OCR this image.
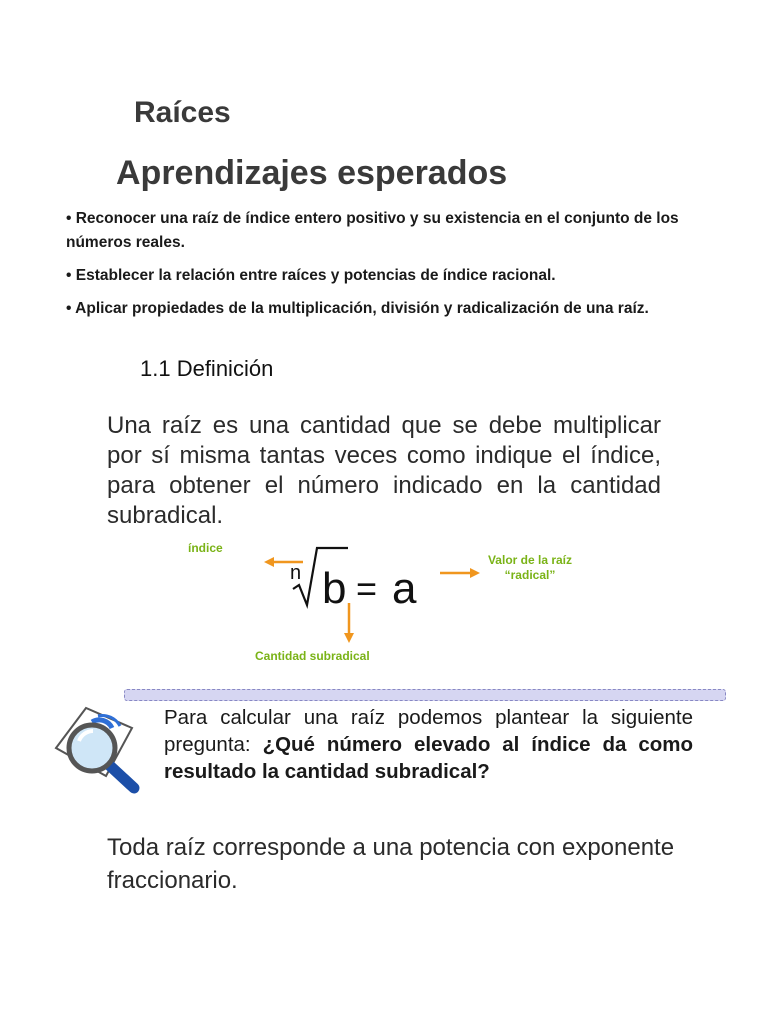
Raíces
Aprendizajes esperados
• Reconocer una raíz de índice entero positivo y su existencia en el conjunto de los números reales.
• Establecer la relación entre raíces y potencias de índice racional.
• Aplicar propiedades de la multiplicación, división y radicalización de una raíz.
1.1 Definición

Una raíz es una cantidad que se debe multiplicar por sí misma tantas veces como indique el índice, para obtener el número indicado en la cantidad subradical.

índice
Valor de la raíz
“radical”
Cantidad subradical
n b = a

Para calcular una raíz podemos plantear la siguiente pregunta: ¿Qué número elevado al índice da como resultado la cantidad subradical?

Toda raíz corresponde a una potencia con exponente fraccionario.
